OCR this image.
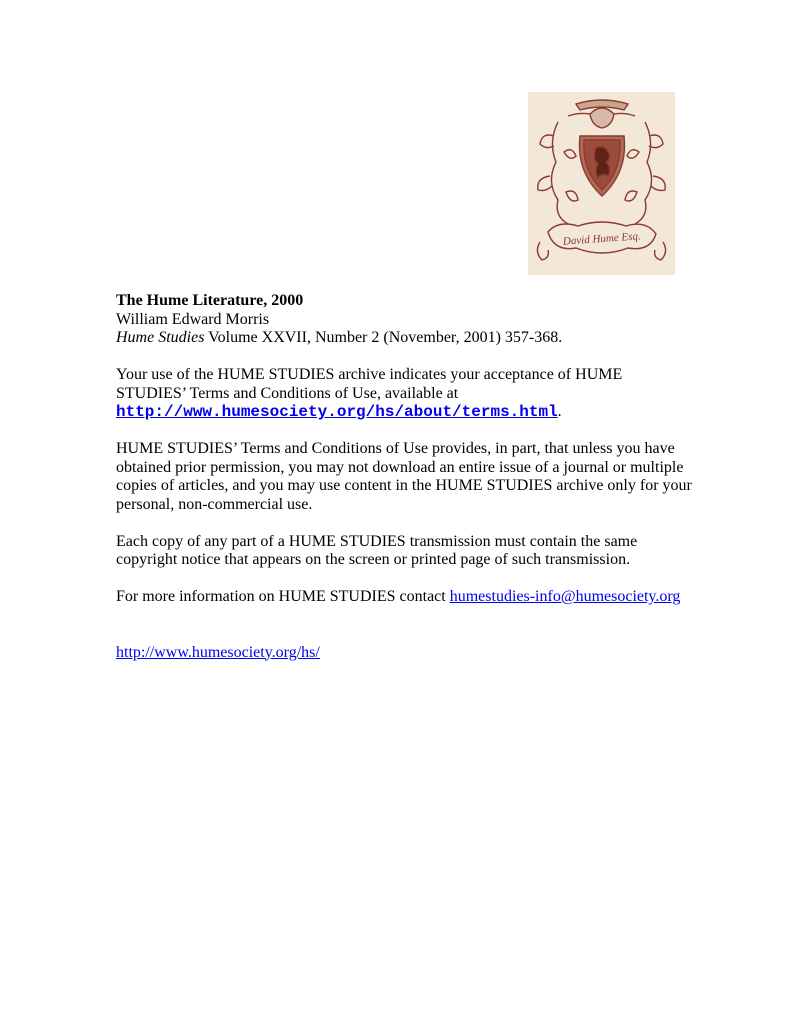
David Hume Esq.

The Hume Literature, 2000

William Edward Morris

Hume Studies Volume XXVII, Number 2 (November, 2001) 357-368.

Your use of the HUME STUDIES archive indicates your acceptance of HUME STUDIES’ Terms and Conditions of Use, available at
http://www.humesociety.org/hs/about/terms.html.

HUME STUDIES’ Terms and Conditions of Use provides, in part, that unless you have obtained prior permission, you may not download an entire issue of a journal or multiple copies of articles, and you may use content in the HUME STUDIES archive only for your personal, non-commercial use.

Each copy of any part of a HUME STUDIES transmission must contain the same copyright notice that appears on the screen or printed page of such transmission.

For more information on HUME STUDIES contact humestudies-info@humesociety.org

http://www.humesociety.org/hs/
